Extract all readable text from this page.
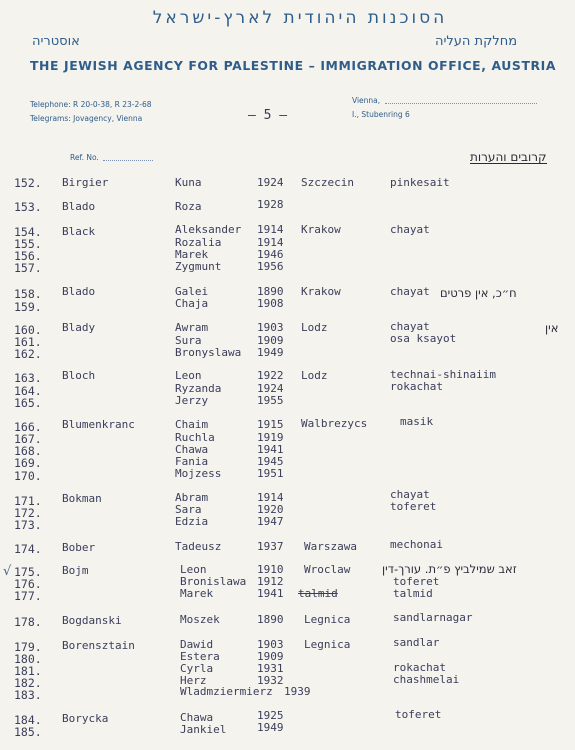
הסוכנות היהודית לארץ-ישראל
אוסטריה	מחלקת העליה
THE JEWISH AGENCY FOR PALESTINE – IMMIGRATION OFFICE, AUSTRIA
Telephone: R 20-0-38, R 23-2-68
Telegrams: Jovagency, Vienna	– 5 –
Vienna,
I., Stubenring 6
Ref. No.	קרובים והערות
152. Birgier	Kuna	1924 Szczecin	pinkesait
153. Blado	Roza	1928
154. Black	Aleksander 1914 Krakow	chayat
155.	Rozalia	1914
156.	Marek	1946
157.	Zygmunt	1956
158. Blado	Galei	1890 Krakow	chayat ח״כ, אין פרטים
159.	Chaja	1908
160. Blady	Awram	1903 Lodz	chayat	אין
161.	Sura	1909	osa ksayot
162.	Bronyslawa 1949
163. Bloch	Leon	1922 Lodz	technai-shinaiim
164.	Ryzanda	1924	rokachat
165.	Jerzy	1955
166. Blumenkranc	Chaim	1915 Walbrezycs	masik
167.	Ruchla	1919
168.	Chawa	1941
169.	Fania	1945
170.	Mojzess	1951
171. Bokman	Abram	1914	chayat
172.	Sara	1920	toferet
173.	Edzia	1947
174. Bober	Tadeusz	1937 Warszawa	mechonai
√ 175. Bojm	Leon	1910 Wroclaw	זאב שמילביץ פ״ת. עורך-דין
176.	Bronislawa 1912	toferet
177.	Marek	1941 talmid	talmid
178. Bogdanski	Moszek	1890 Legnica	sandlarnagar
179. Borensztain	Dawid	1903 Legnica	sandlar
180.	Estera	1909
181.	Cyrla	1931	rokachat
182.	Herz	1932	chashmelai
183.	Wladmziermierz 1939
184. Borycka	Chawa	1925	toferet
185.	Jankiel	1949
